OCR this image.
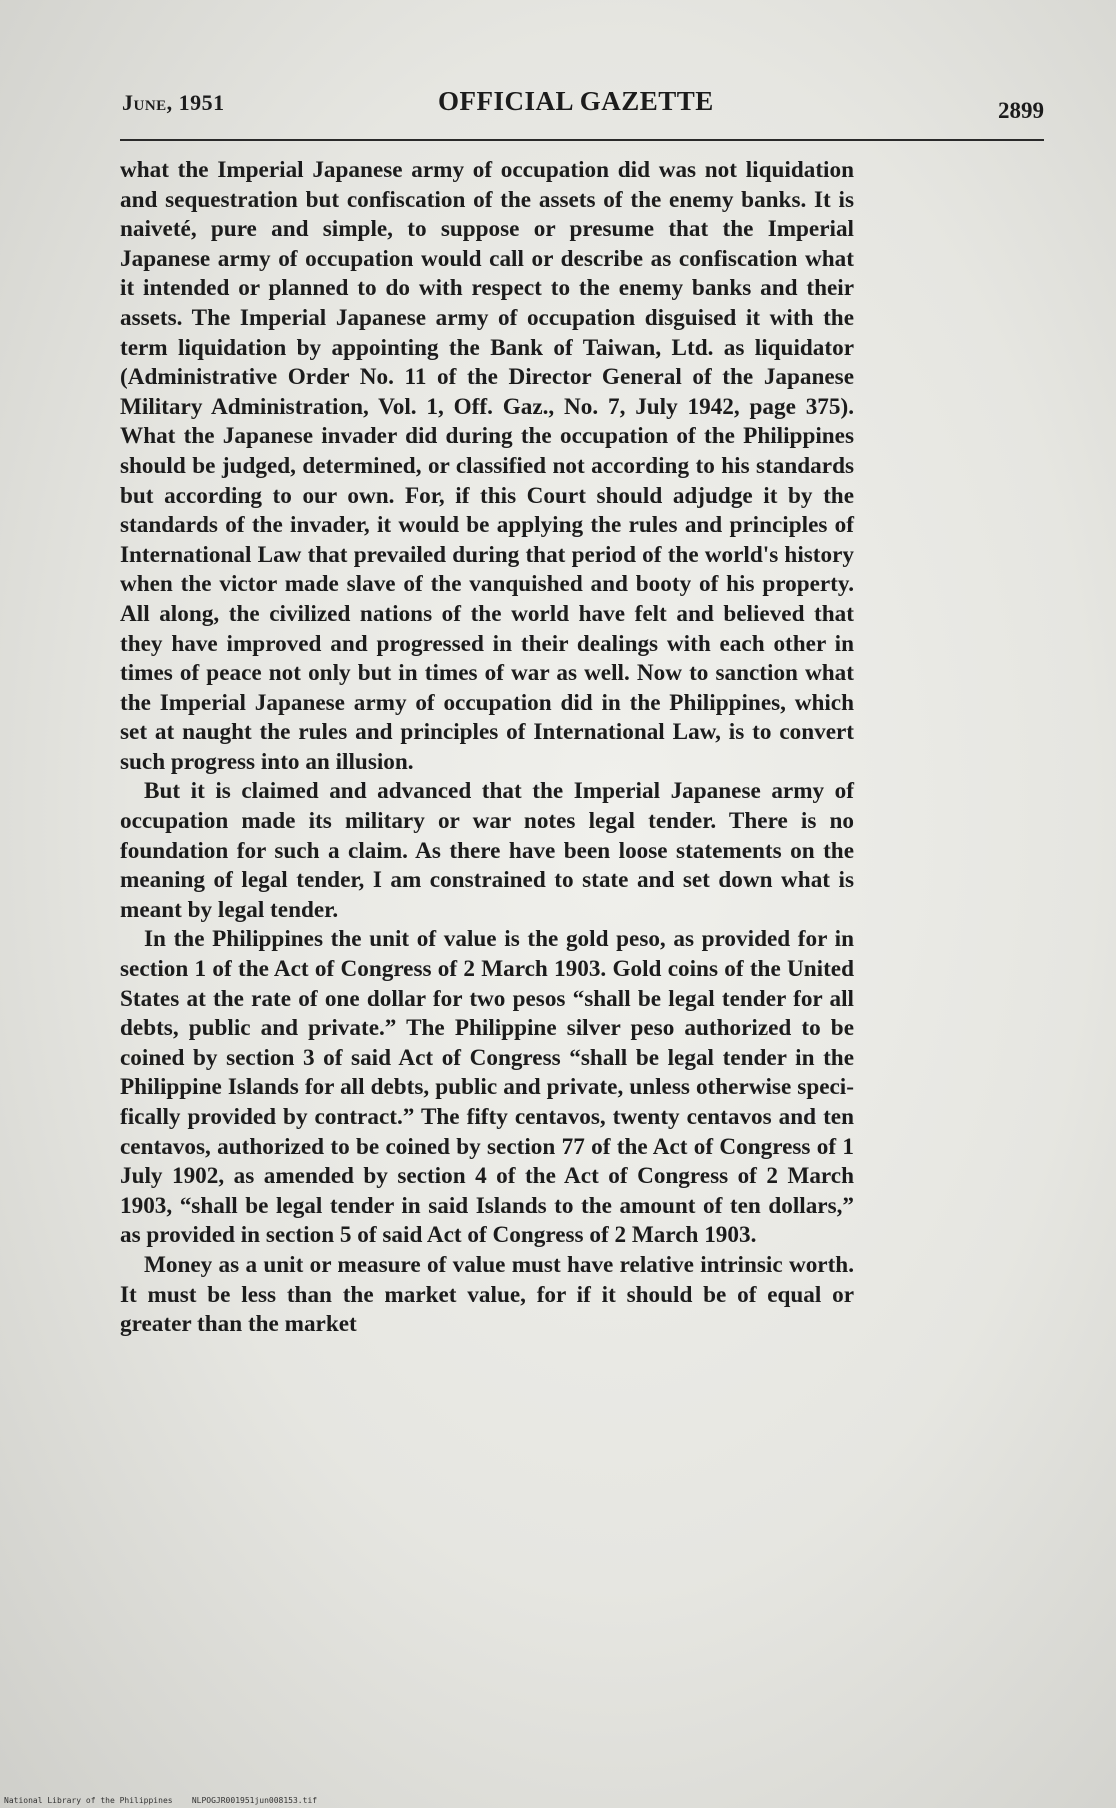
June, 1951	OFFICIAL GAZETTE	2899

what the Imperial Japanese army of occupation did was not liquidation and sequestration but confiscation of the assets of the enemy banks. It is naiveté, pure and simple, to suppose or presume that the Imperial Japanese army of occupation would call or describe as confiscation what it intended or planned to do with respect to the enemy banks and their assets. The Imperial Japanese army of occupation disguised it with the term liquidation by appointing the Bank of Taiwan, Ltd. as liquidator (Administrative Order No. 11 of the Director General of the Japanese Military Administration, Vol. 1, Off. Gaz., No. 7, July 1942, page 375). What the Japanese invader did during the occupation of the Philippines should be judged, determined, or classified not according to his standards but according to our own. For, if this Court should adjudge it by the standards of the invader, it would be applying the rules and principles of International Law that prevailed during that period of the world's history when the victor made slave of the vanquished and booty of his property. All along, the civilized nations of the world have felt and believed that they have improved and progressed in their dealings with each other in times of peace not only but in times of war as well. Now to sanction what the Imperial Japanese army of occupation did in the Philippines, which set at naught the rules and principles of International Law, is to convert such progress into an illusion.

But it is claimed and advanced that the Imperial Japanese army of occupation made its military or war notes legal tender. There is no foundation for such a claim. As there have been loose statements on the meaning of legal tender, I am constrained to state and set down what is meant by legal tender.

In the Philippines the unit of value is the gold peso, as provided for in section 1 of the Act of Congress of 2 March 1903. Gold coins of the United States at the rate of one dollar for two pesos “shall be legal tender for all debts, public and private.” The Philippine silver peso authorized to be coined by section 3 of said Act of Congress “shall be legal tender in the Philippine Islands for all debts, public and private, unless otherwise specifically provided by contract.” The fifty centavos, twenty centavos and ten centavos, authorized to be coined by section 77 of the Act of Congress of 1 July 1902, as amended by section 4 of the Act of Congress of 2 March 1903, “shall be legal tender in said Islands to the amount of ten dollars,” as provided in section 5 of said Act of Congress of 2 March 1903.

Money as a unit or measure of value must have relative intrinsic worth. It must be less than the market value, for if it should be of equal or greater than the market

National Library of the Philippines NLPOGJR001951jun008153.tif
